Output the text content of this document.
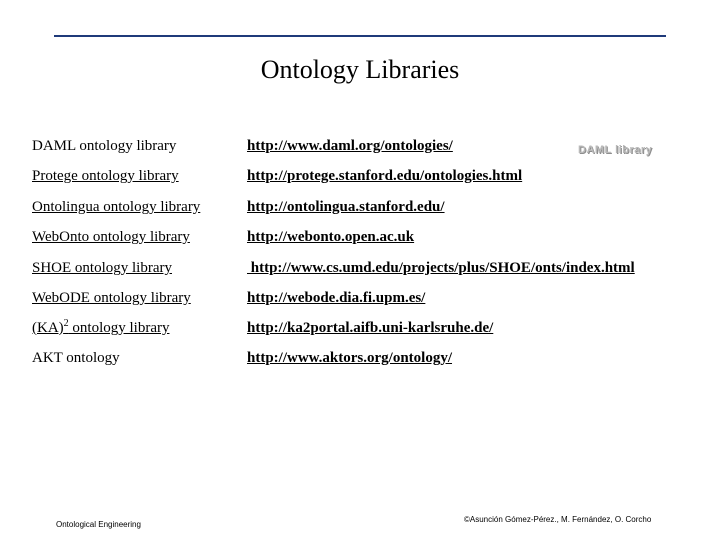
Ontology Libraries
DAML ontology library	http://www.daml.org/ontologies/	DAML library
Protege ontology library	http://protege.stanford.edu/ontologies.html
Ontolingua ontology library	http://ontolingua.stanford.edu/
WebOnto ontology library	http://webonto.open.ac.uk
SHOE ontology library	http://www.cs.umd.edu/projects/plus/SHOE/onts/index.html
WebODE ontology library	http://webode.dia.fi.upm.es/
(KA)$^2$ ontology library	http://ka2portal.aifb.uni-karlsruhe.de/
AKT ontology	http://www.aktors.org/ontology/
Ontological Engineering
©Asunción Gómez-Pérez., M. Fernández, O. Corcho
